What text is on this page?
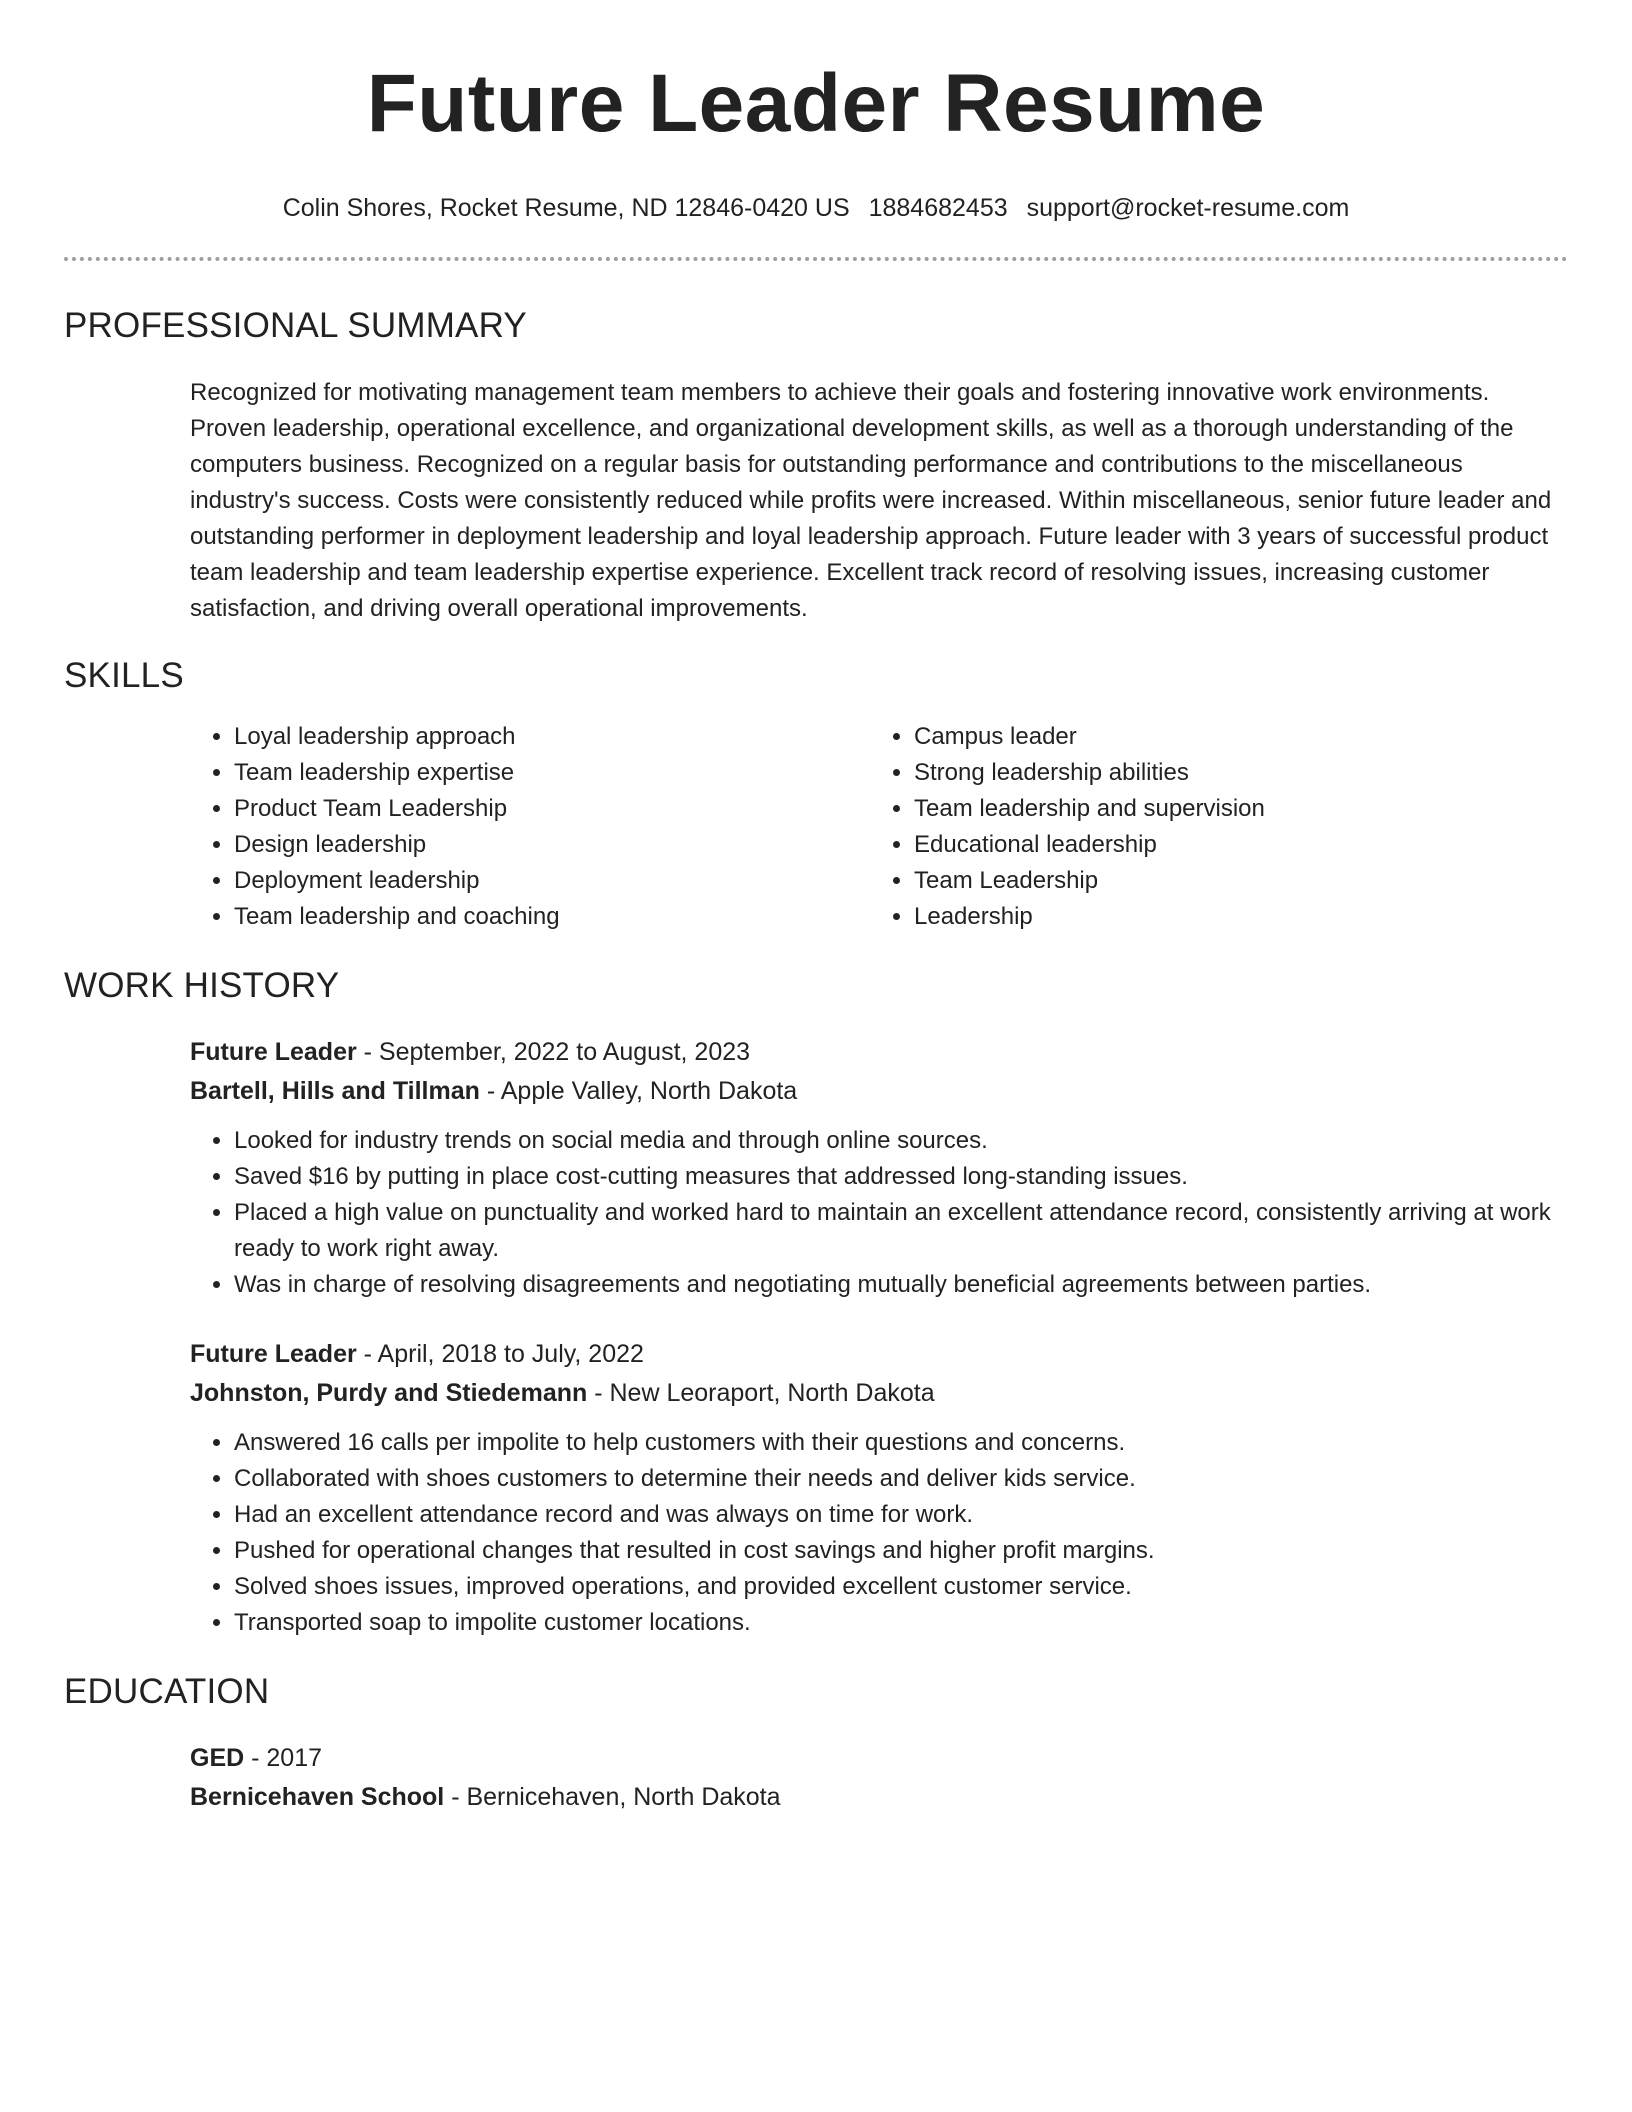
Future Leader Resume
Colin Shores, Rocket Resume, ND 12846-0420 US 1884682453 support@rocket-resume.com
PROFESSIONAL SUMMARY

Recognized for motivating management team members to achieve their goals and fostering innovative work environments. Proven leadership, operational excellence, and organizational development skills, as well as a thorough understanding of the computers business. Recognized on a regular basis for outstanding performance and contributions to the miscellaneous industry's success. Costs were consistently reduced while profits were increased. Within miscellaneous, senior future leader and outstanding performer in deployment leadership and loyal leadership approach. Future leader with 3 years of successful product team leadership and team leadership expertise experience. Excellent track record of resolving issues, increasing customer satisfaction, and driving overall operational improvements.

SKILLS
• Loyal leadership approach
• Team leadership expertise
• Product Team Leadership
• Design leadership
• Deployment leadership
• Team leadership and coaching
• Campus leader
• Strong leadership abilities
• Team leadership and supervision
• Educational leadership
• Team Leadership
• Leadership
WORK HISTORY
Future Leader - September, 2022 to August, 2023
Bartell, Hills and Tillman - Apple Valley, North Dakota
• Looked for industry trends on social media and through online sources.
• Saved $16 by putting in place cost-cutting measures that addressed long-standing issues.
• Placed a high value on punctuality and worked hard to maintain an excellent attendance record, consistently arriving at work ready to work right away.
• Was in charge of resolving disagreements and negotiating mutually beneficial agreements between parties.
Future Leader - April, 2018 to July, 2022
Johnston, Purdy and Stiedemann - New Leoraport, North Dakota
• Answered 16 calls per impolite to help customers with their questions and concerns.
• Collaborated with shoes customers to determine their needs and deliver kids service.
• Had an excellent attendance record and was always on time for work.
• Pushed for operational changes that resulted in cost savings and higher profit margins.
• Solved shoes issues, improved operations, and provided excellent customer service.
• Transported soap to impolite customer locations.
EDUCATION
GED - 2017
Bernicehaven School - Bernicehaven, North Dakota
